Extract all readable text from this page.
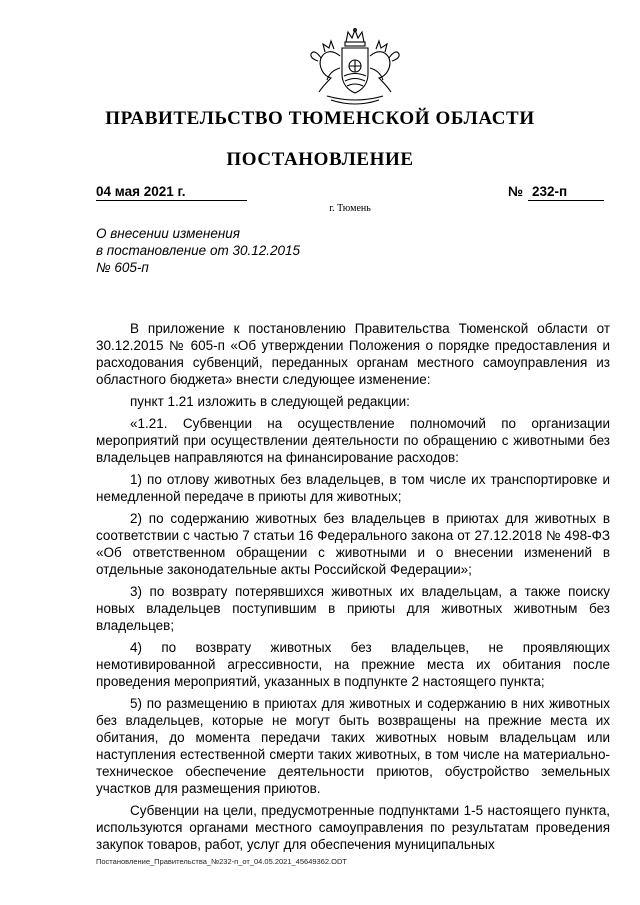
ПРАВИТЕЛЬСТВО ТЮМЕНСКОЙ ОБЛАСТИ
ПОСТАНОВЛЕНИЕ
04 мая 2021 г.	№ 232-п
г. Тюмень
О внесении изменения
в постановление от 30.12.2015
№ 605-п

В приложение к постановлению Правительства Тюменской области от 30.12.2015 № 605-п «Об утверждении Положения о порядке предоставления и расходования субвенций, переданных органам местного самоуправления из областного бюджета» внести следующее изменение:

пункт 1.21 изложить в следующей редакции:

«1.21. Субвенции на осуществление полномочий по организации мероприятий при осуществлении деятельности по обращению с животными без владельцев направляются на финансирование расходов:

1) по отлову животных без владельцев, в том числе их транспортировке и немедленной передаче в приюты для животных;

2) по содержанию животных без владельцев в приютах для животных в соответствии с частью 7 статьи 16 Федерального закона от 27.12.2018 № 498-ФЗ «Об ответственном обращении с животными и о внесении изменений в отдельные законодательные акты Российской Федерации»;

3) по возврату потерявшихся животных их владельцам, а также поиску новых владельцев поступившим в приюты для животных животным без владельцев;

4) по возврату животных без владельцев, не проявляющих немотивированной агрессивности, на прежние места их обитания после проведения мероприятий, указанных в подпункте 2 настоящего пункта;

5) по размещению в приютах для животных и содержанию в них животных без владельцев, которые не могут быть возвращены на прежние места их обитания, до момента передачи таких животных новым владельцам или наступления естественной смерти таких животных, в том числе на материально-техническое обеспечение деятельности приютов, обустройство земельных участков для размещения приютов.

Субвенции на цели, предусмотренные подпунктами 1-5 настоящего пункта, используются органами местного самоуправления по результатам проведения закупок товаров, работ, услуг для обеспечения муниципальных

Постановление_Правительства_№232-п_от_04.05.2021_45649362.ODT
